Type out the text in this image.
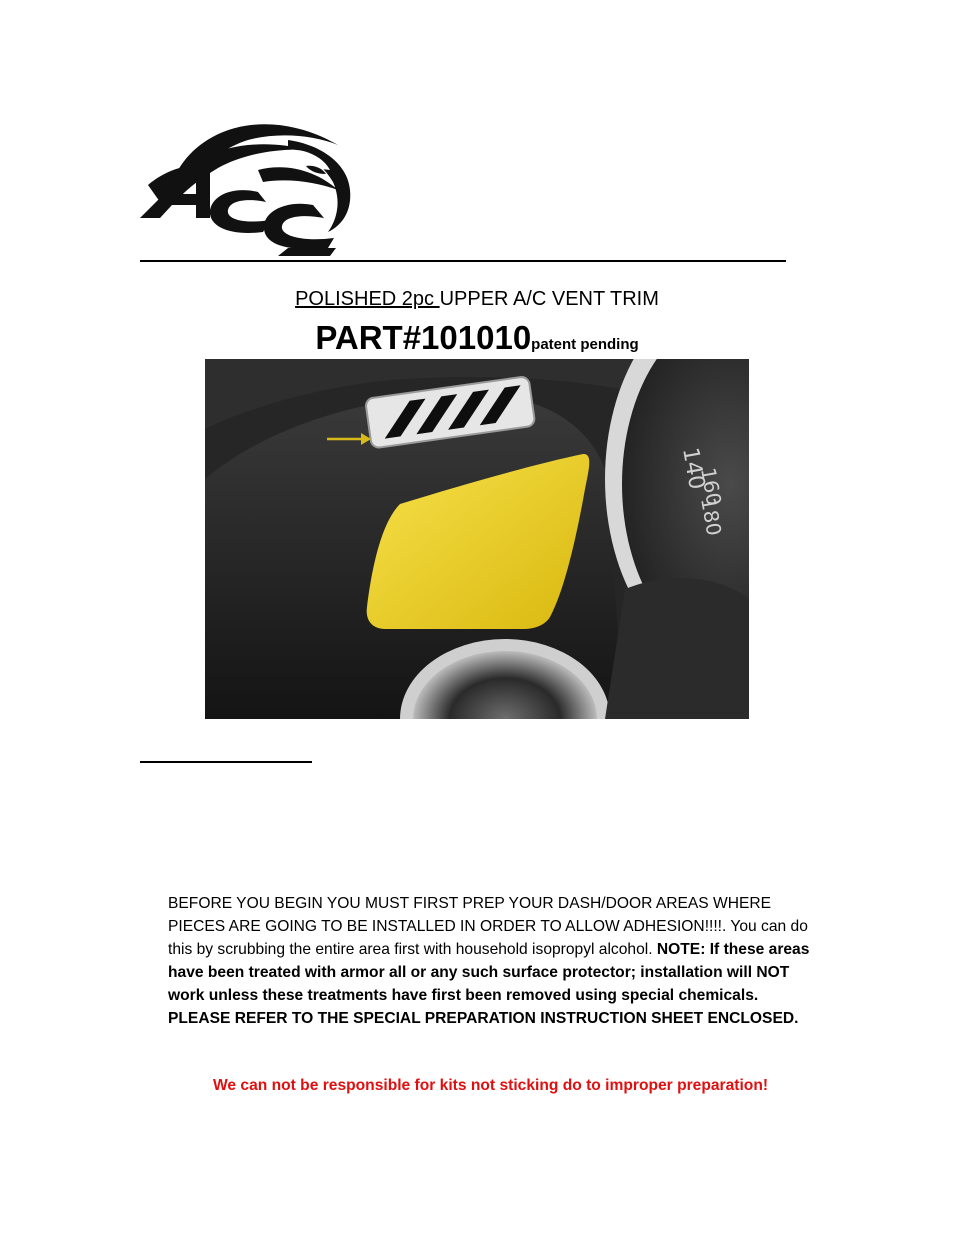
POLISHED 2pc UPPER A/C VENT TRIM
PART#101010patent pending
140
160
180
BEFORE YOU BEGIN YOU MUST FIRST PREP YOUR DASH/DOOR AREAS WHERE PIECES ARE GOING TO BE INSTALLED IN ORDER TO ALLOW ADHESION!!!!. You can do this by scrubbing the entire area first with household isopropyl alcohol. NOTE: If these areas have been treated with armor all or any such surface protector; installation will NOT work unless these treatments have first been removed using special chemicals. PLEASE REFER TO THE SPECIAL PREPARATION INSTRUCTION SHEET ENCLOSED.
We can not be responsible for kits not sticking do to improper preparation!
